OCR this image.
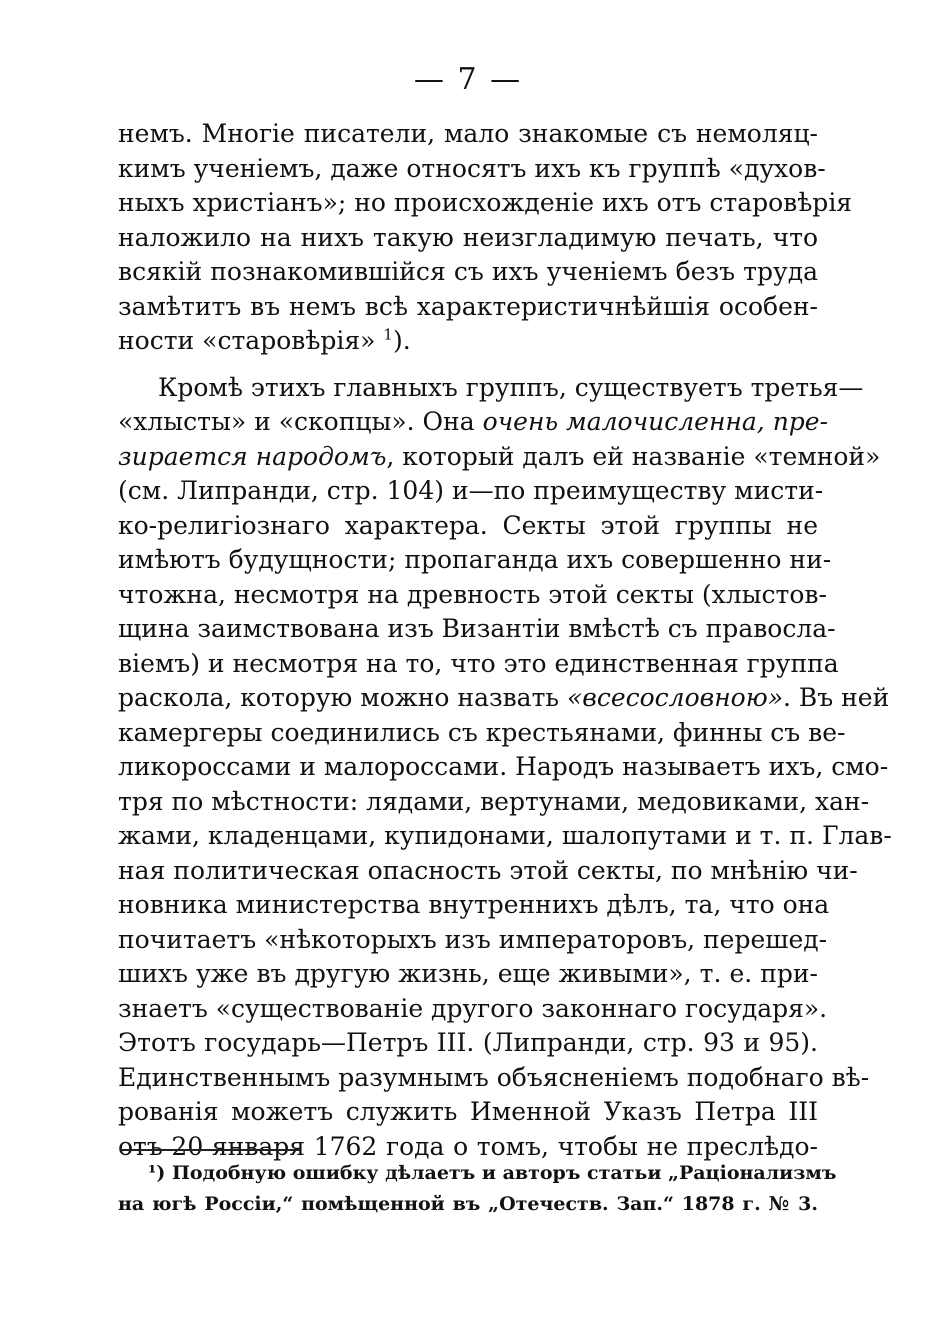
— 7 —
немъ. Многіе писатели, мало знакомые съ немоляц-
кимъ ученіемъ, даже относятъ ихъ къ группѣ «духов-
ныхъ христіанъ»; но происхожденіе ихъ отъ старовѣрія
наложило на нихъ такую неизгладимую печать, что
всякій познакомившійся съ ихъ ученіемъ безъ труда
замѣтитъ въ немъ всѣ характеристичнѣйшія особен-
ности «старовѣрія» $^1$).
Кромѣ этихъ главныхъ группъ, существуетъ третья—
«хлысты» и «скопцы». Она очень малочисленна, пре-
зирается народомъ, который далъ ей названіе «темной»
(см. Липранди, стр. 104) и—по преимуществу мисти-
ко-религіознаго характера. Секты этой группы не
имѣютъ будущности; пропаганда ихъ совершенно ни-
чтожна, несмотря на древность этой секты (хлыстов-
щина заимствована изъ Византіи вмѣстѣ съ правосла-
віемъ) и несмотря на то, что это единственная группа
раскола, которую можно назвать «всесословною». Въ ней
камергеры соединились съ крестьянами, финны съ ве-
ликороссами и малороссами. Народъ называетъ ихъ, смо-
тря по мѣстности: лядами, вертунами, медовиками, хан-
жами, кладенцами, купидонами, шалопутами и т. п. Глав-
ная политическая опасность этой секты, по мнѣнію чи-
новника министерства внутреннихъ дѣлъ, та, что она
почитаетъ «нѣкоторыхъ изъ императоровъ, перешед-
шихъ уже въ другую жизнь, еще живыми», т. е. при-
знаетъ «существованіе другого законнаго государя».
Этотъ государь—Петръ III. (Липранди, стр. 93 и 95).
Единственнымъ разумнымъ объясненіемъ подобнаго вѣ-
рованія можетъ служить Именной Указъ Петра III
отъ 20 января 1762 года о томъ, чтобы не преслѣдо-
¹) Подобную ошибку дѣлаетъ и авторъ статьи „Раціонализмъ
на югѣ Россіи,“ помѣщенной въ „Отечеств. Зап.“ 1878 г. № 3.
